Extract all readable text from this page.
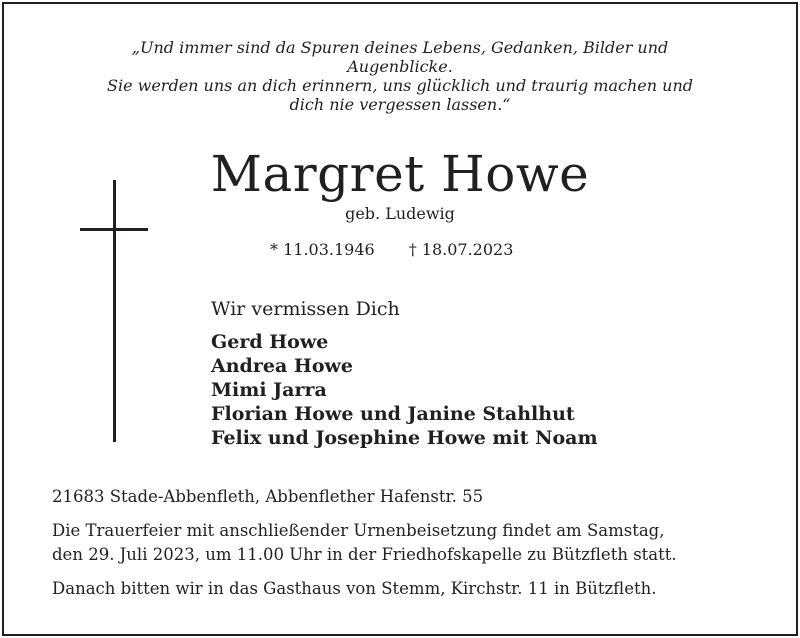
„Und immer sind da Spuren deines Lebens, Gedanken, Bilder und
Augenblicke.
Sie werden uns an dich erinnern, uns glücklich und traurig machen und
dich nie vergessen lassen.“
Margret Howe
geb. Ludewig
* 11.03.1946 † 18.07.2023
Wir vermissen Dich
Gerd Howe
Andrea Howe
Mimi Jarra
Florian Howe und Janine Stahlhut
Felix und Josephine Howe mit Noam
21683 Stade-Abbenfleth, Abbenflether Hafenstr. 55
Die Trauerfeier mit anschließender Urnenbeisetzung findet am Samstag,
den 29. Juli 2023, um 11.00 Uhr in der Friedhofskapelle zu Bützfleth statt.
Danach bitten wir in das Gasthaus von Stemm, Kirchstr. 11 in Bützfleth.
